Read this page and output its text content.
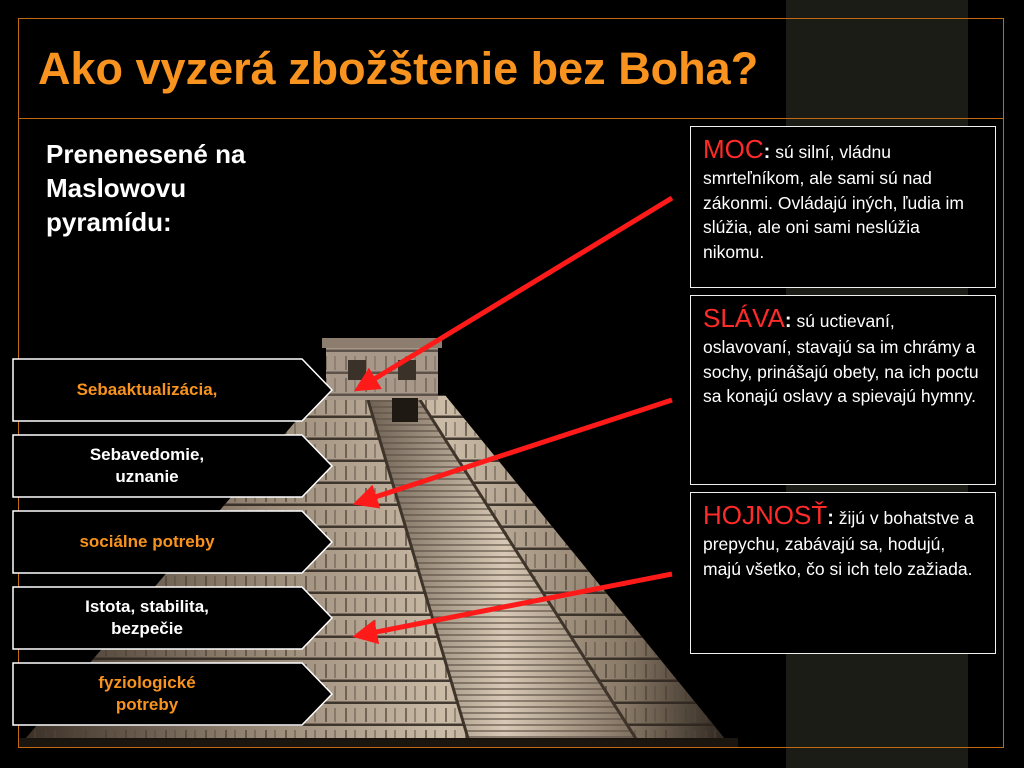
Ako vyzerá zbožštenie bez Boha?

Prenenesené na
Maslowovu
pyramídu:

Sebaaktualizácia,
Sebavedomie,
uznanie
sociálne potreby
Istota, stabilita,
bezpečie
fyziologické
potreby
MOC: sú silní, vládnu smrteľníkom, ale sami sú nad zákonmi. Ovládajú iných, ľudia im slúžia, ale oni sami neslúžia nikomu.
SLÁVA: sú uctievaní, oslavovaní, stavajú sa im chrámy a sochy, prinášajú obety, na ich poctu sa konajú oslavy a spievajú hymny.
HOJNOSŤ: žijú v bohatstve a prepychu, zabávajú sa, hodujú, majú všetko, čo si ich telo zažiada.
